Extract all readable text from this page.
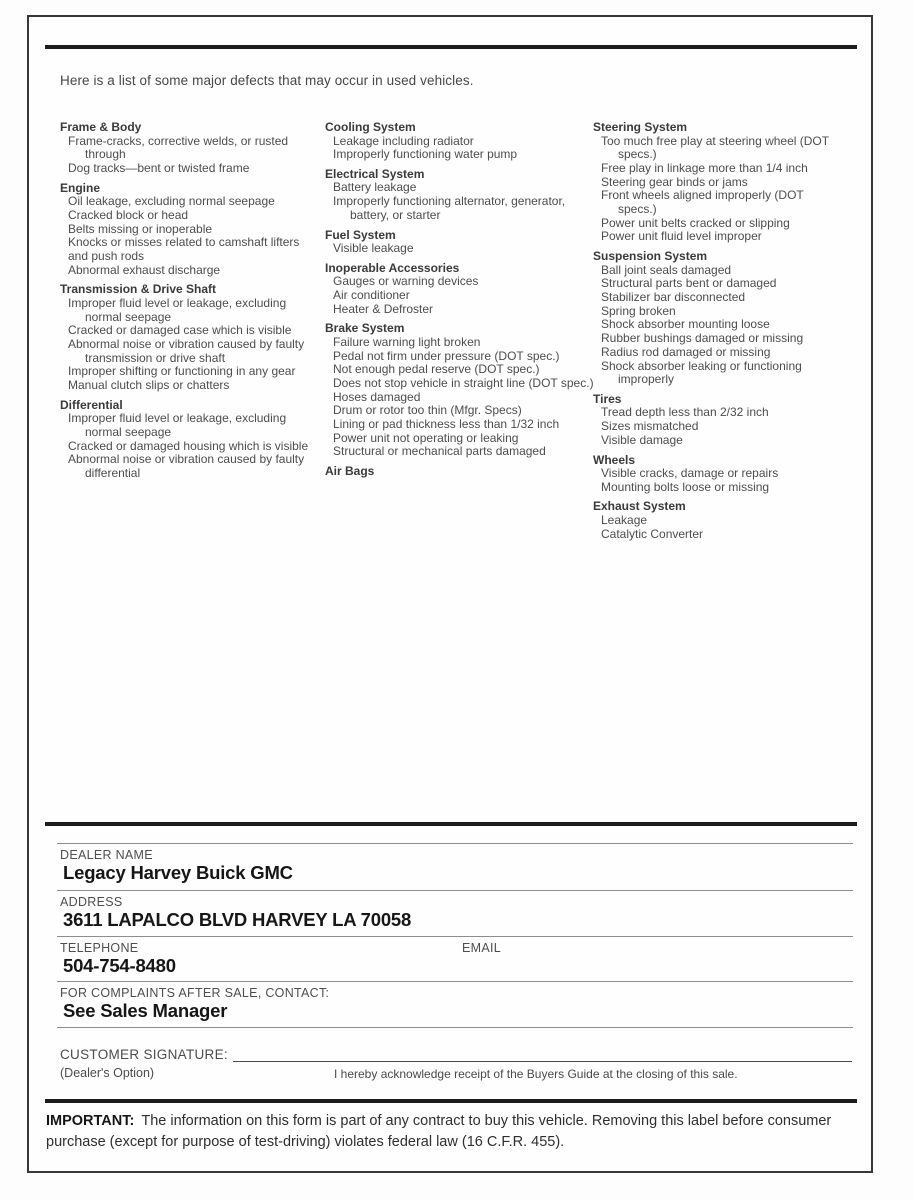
Here is a list of some major defects that may occur in used vehicles.
Frame & Body
Frame-cracks, corrective welds, or rusted through
Dog tracks—bent or twisted frame
Engine
Oil leakage, excluding normal seepage
Cracked block or head
Belts missing or inoperable
Knocks or misses related to camshaft lifters and push rods
Abnormal exhaust discharge
Transmission & Drive Shaft
Improper fluid level or leakage, excluding normal seepage
Cracked or damaged case which is visible
Abnormal noise or vibration caused by faulty transmission or drive shaft
Improper shifting or functioning in any gear
Manual clutch slips or chatters
Differential
Improper fluid level or leakage, excluding normal seepage
Cracked or damaged housing which is visible
Abnormal noise or vibration caused by faulty differential
Cooling System
Leakage including radiator
Improperly functioning water pump
Electrical System
Battery leakage
Improperly functioning alternator, generator, battery, or starter
Fuel System
Visible leakage
Inoperable Accessories
Gauges or warning devices
Air conditioner
Heater & Defroster
Brake System
Failure warning light broken
Pedal not firm under pressure (DOT spec.)
Not enough pedal reserve (DOT spec.)
Does not stop vehicle in straight line (DOT spec.)
Hoses damaged
Drum or rotor too thin (Mfgr. Specs)
Lining or pad thickness less than 1/32 inch
Power unit not operating or leaking
Structural or mechanical parts damaged
Air Bags
Steering System
Too much free play at steering wheel (DOT specs.)
Free play in linkage more than 1/4 inch
Steering gear binds or jams
Front wheels aligned improperly (DOT specs.)
Power unit belts cracked or slipping
Power unit fluid level improper
Suspension System
Ball joint seals damaged
Structural parts bent or damaged
Stabilizer bar disconnected
Spring broken
Shock absorber mounting loose
Rubber bushings damaged or missing
Radius rod damaged or missing
Shock absorber leaking or functioning improperly
Tires
Tread depth less than 2/32 inch
Sizes mismatched
Visible damage
Wheels
Visible cracks, damage or repairs
Mounting bolts loose or missing
Exhaust System
Leakage
Catalytic Converter
DEALER NAME
Legacy Harvey Buick GMC
ADDRESS
3611 LAPALCO BLVD HARVEY LA 70058
TELEPHONE	EMAIL
504-754-8480
FOR COMPLAINTS AFTER SALE, CONTACT:
See Sales Manager
CUSTOMER SIGNATURE:
(Dealer's Option)	I hereby acknowledge receipt of the Buyers Guide at the closing of this sale.
IMPORTANT: The information on this form is part of any contract to buy this vehicle. Removing this label before consumer purchase (except for purpose of test-driving) violates federal law (16 C.F.R. 455).
